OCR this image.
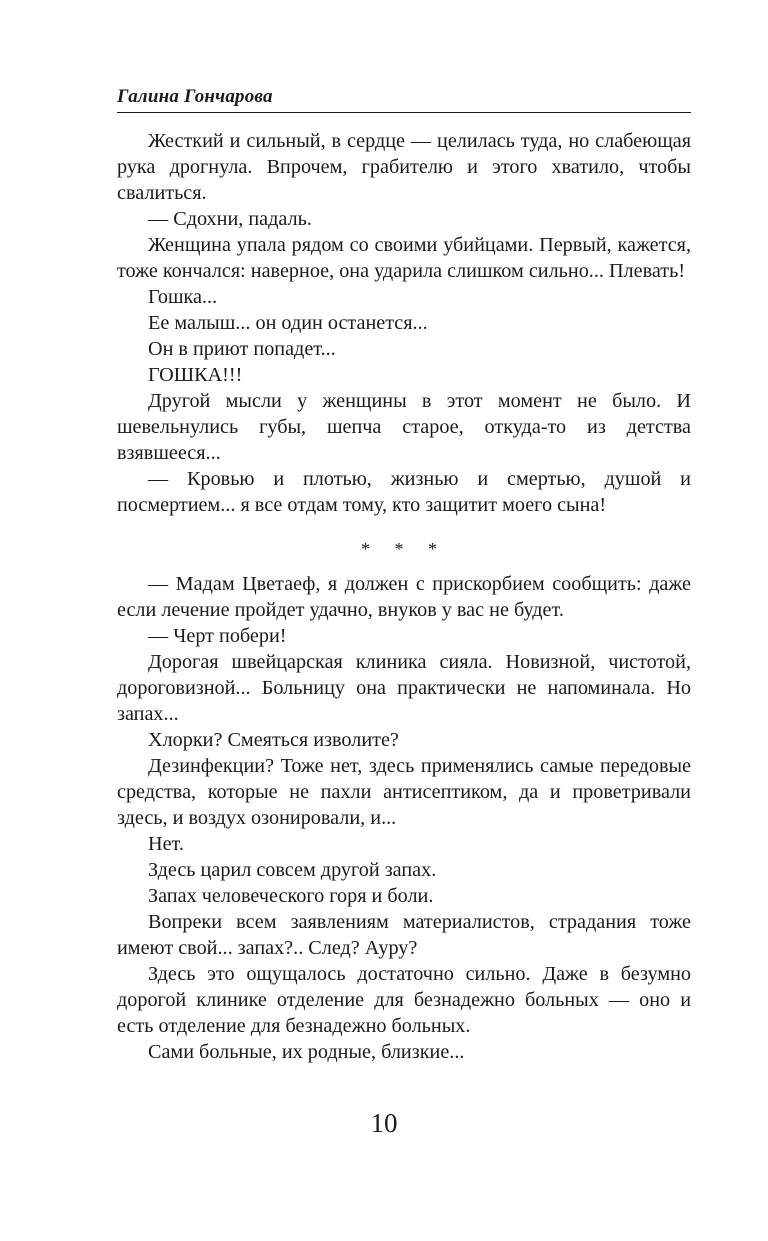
Галина Гончарова

Жесткий и сильный, в сердце — целилась туда, но слабеющая рука дрогнула. Впрочем, грабителю и этого хватило, чтобы свалиться.

— Сдохни, падаль.

Женщина упала рядом со своими убийцами. Первый, кажется, тоже кончался: наверное, она ударила слишком сильно... Плевать!

Гошка...

Ее малыш... он один останется...

Он в приют попадет...

ГОШКА!!!

Другой мысли у женщины в этот момент не было. И шевельнулись губы, шепча старое, откуда-то из детства взявшееся...

— Кровью и плотью, жизнью и смертью, душой и посмертием... я все отдам тому, кто защитит моего сына!

* * *

— Мадам Цветаеф, я должен с прискорбием сообщить: даже если лечение пройдет удачно, внуков у вас не будет.

— Черт побери!

Дорогая швейцарская клиника сияла. Новизной, чистотой, дороговизной... Больницу она практически не напоминала. Но запах...

Хлорки? Смеяться изволите?

Дезинфекции? Тоже нет, здесь применялись самые передовые средства, которые не пахли антисептиком, да и проветривали здесь, и воздух озонировали, и...

Нет.

Здесь царил совсем другой запах.

Запах человеческого горя и боли.

Вопреки всем заявлениям материалистов, страдания тоже имеют свой... запах?.. След? Ауру?

Здесь это ощущалось достаточно сильно. Даже в безумно дорогой клинике отделение для безнадежно больных — оно и есть отделение для безнадежно больных.

Сами больные, их родные, близкие...

10
